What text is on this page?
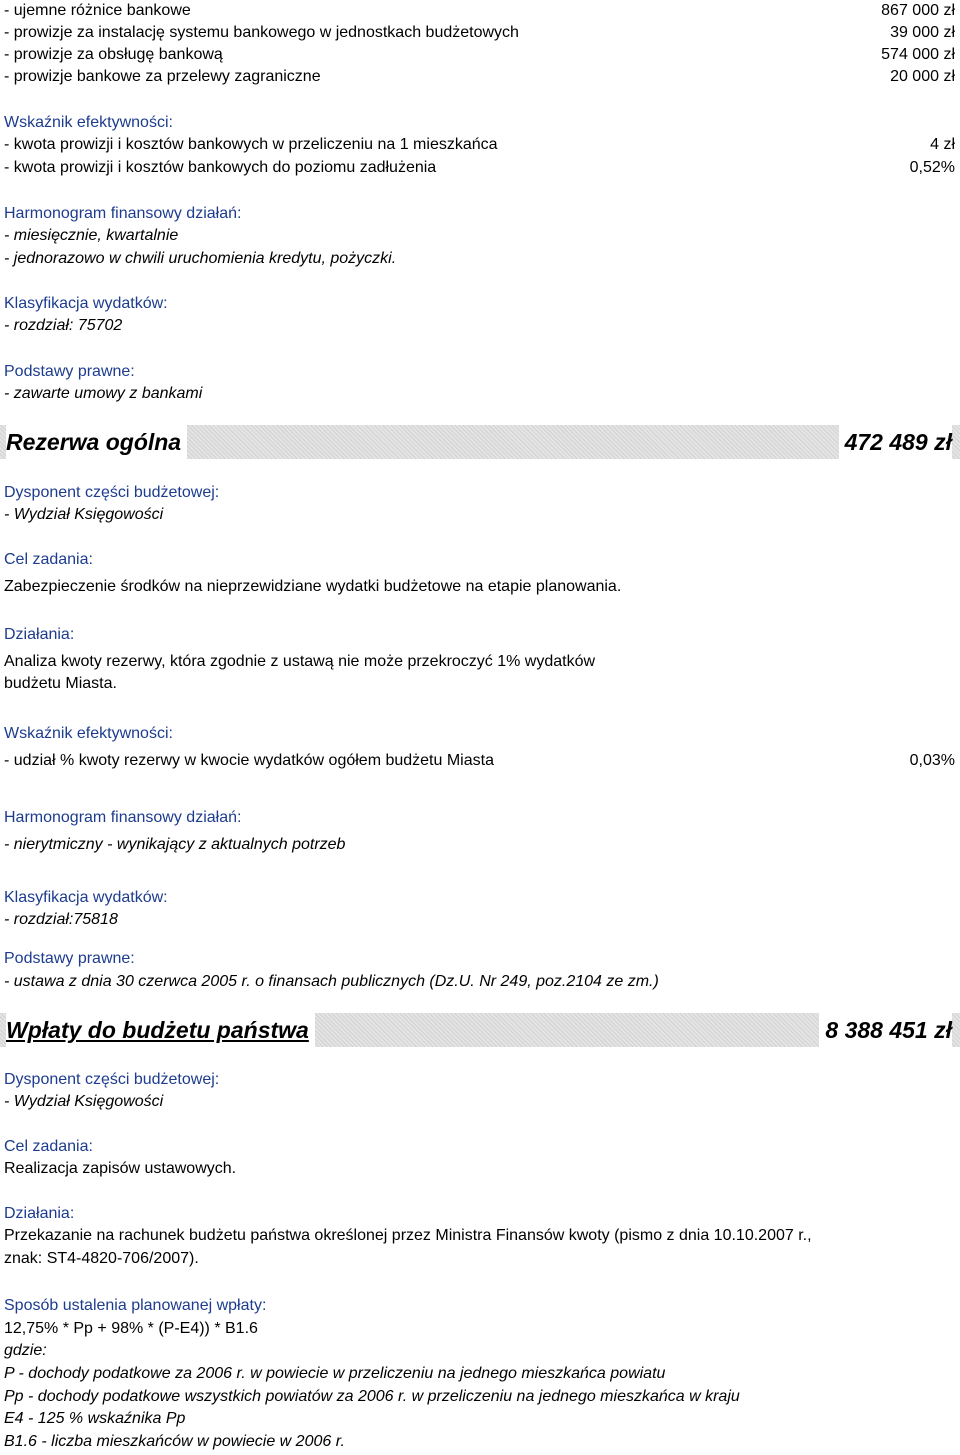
- ujemne różnice bankowe	867 000 zł
- prowizje za instalację systemu bankowego w jednostkach budżetowych	39 000 zł
- prowizje za obsługę bankową	574 000 zł
- prowizje bankowe za przelewy zagraniczne	20 000 zł
Wskaźnik efektywności:
- kwota prowizji i kosztów bankowych w przeliczeniu na 1 mieszkańca	4 zł
- kwota prowizji i kosztów bankowych do poziomu zadłużenia	0,52%
Harmonogram finansowy działań:
- miesięcznie, kwartalnie
- jednorazowo w chwili uruchomienia kredytu, pożyczki.
Klasyfikacja wydatków:
- rozdział: 75702
Podstawy prawne:
- zawarte umowy z bankami
Rezerwa ogólna	472 489 zł
Dysponent części budżetowej:
- Wydział Księgowości
Cel zadania:
Zabezpieczenie środków na nieprzewidziane wydatki budżetowe na etapie planowania.
Działania:
Analiza kwoty rezerwy, która zgodnie z ustawą nie może przekroczyć 1% wydatków
budżetu Miasta.
Wskaźnik efektywności:
- udział % kwoty rezerwy w kwocie wydatków ogółem budżetu Miasta	0,03%
Harmonogram finansowy działań:
- nierytmiczny - wynikający z aktualnych potrzeb
Klasyfikacja wydatków:
- rozdział:75818
Podstawy prawne:
- ustawa z dnia 30 czerwca 2005 r. o finansach publicznych (Dz.U. Nr 249, poz.2104 ze zm.)
Wpłaty do budżetu państwa	8 388 451 zł
Dysponent części budżetowej:
- Wydział Księgowości
Cel zadania:
Realizacja zapisów ustawowych.
Działania:
Przekazanie na rachunek budżetu państwa określonej przez Ministra Finansów kwoty (pismo z dnia 10.10.2007 r.,
znak: ST4-4820-706/2007).
Sposób ustalenia planowanej wpłaty:
12,75% * Pp + 98% * (P-E4)) * B1.6
gdzie:
P - dochody podatkowe za 2006 r. w powiecie w przeliczeniu na jednego mieszkańca powiatu
Pp - dochody podatkowe wszystkich powiatów za 2006 r. w przeliczeniu na jednego mieszkańca w kraju
E4 - 125 % wskaźnika Pp
B1.6 - liczba mieszkańców w powiecie w 2006 r.
